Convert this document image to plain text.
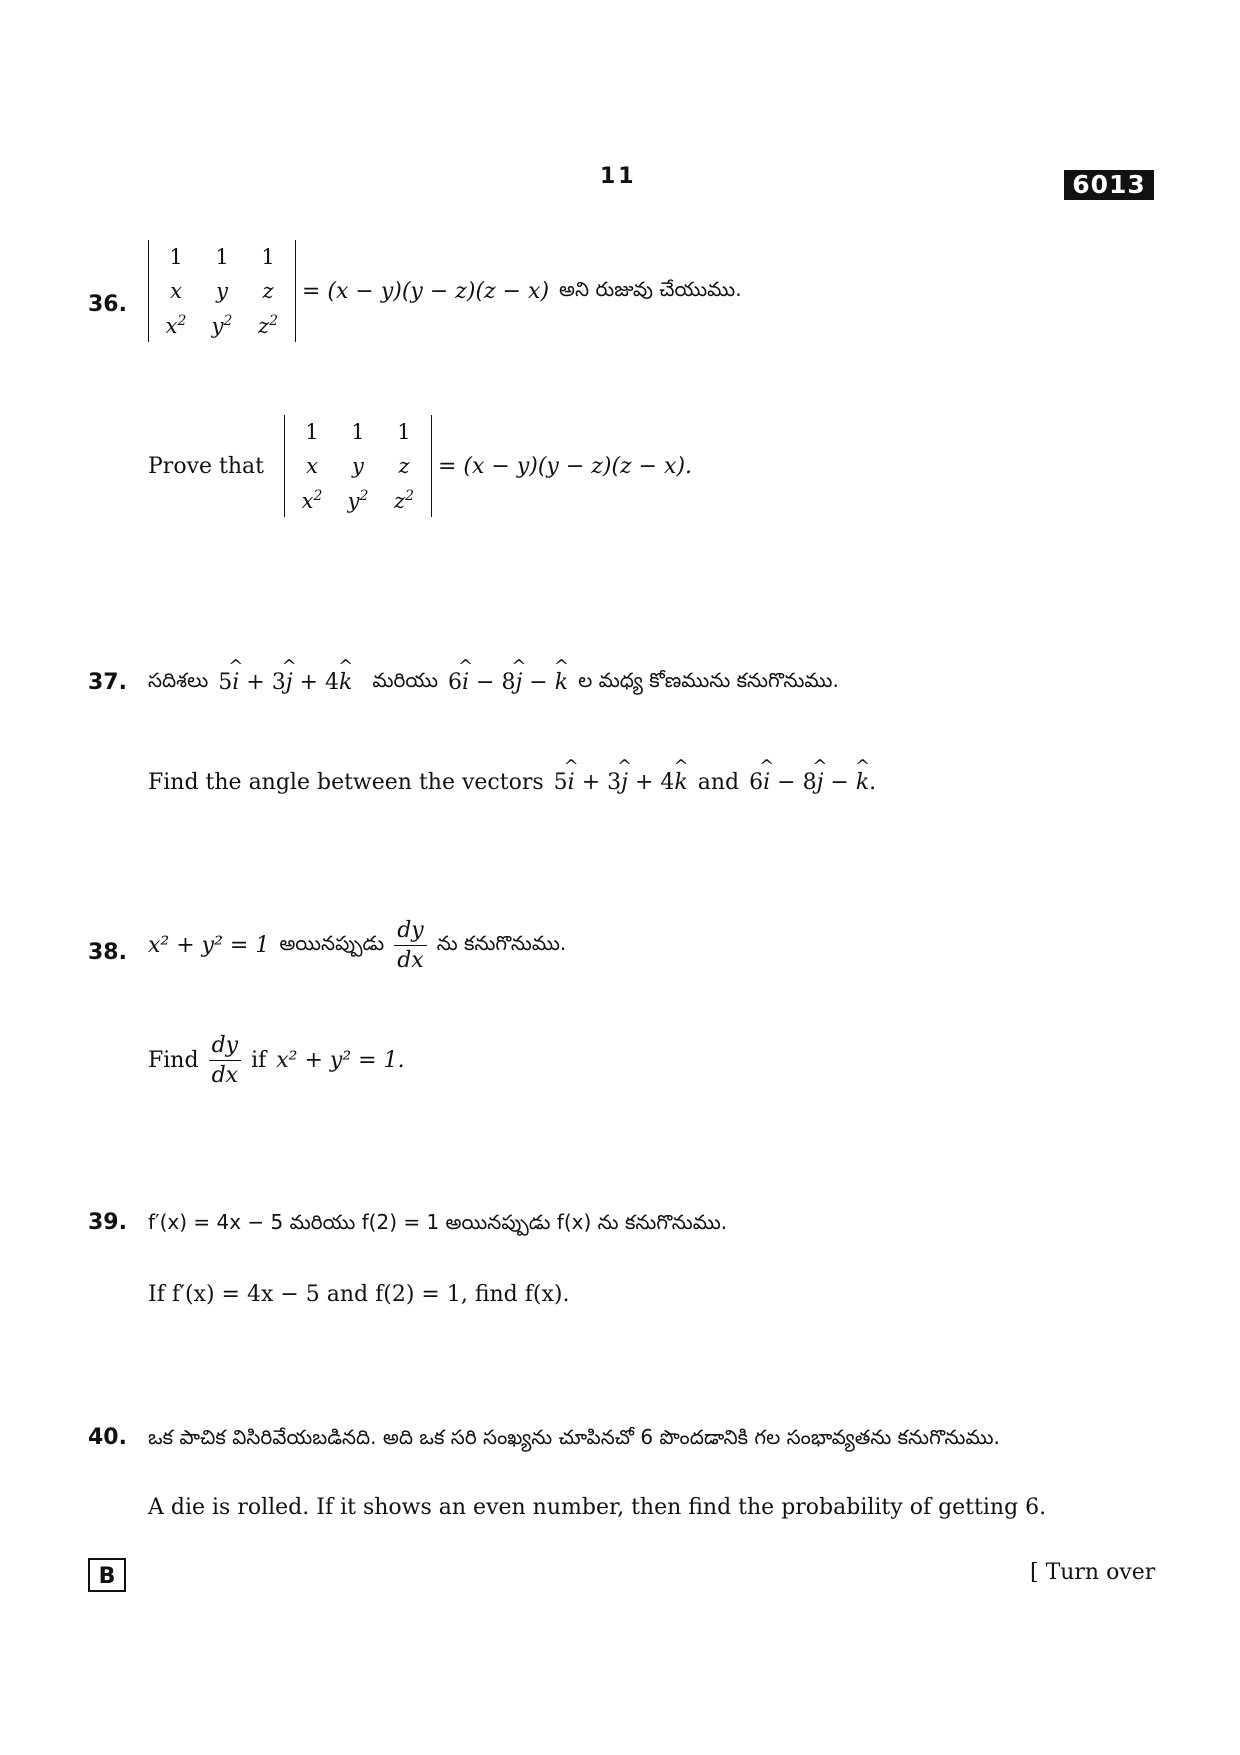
11	6013
36.
1	1	1
x	y	z
$x^2$	$y^2$	$z^2$
= (x − y)(y − z)(z − x) అని రుజువు చేయుము.
Prove that
1	1	1
x	y	z
$x^2$	$y^2$	$z^2$
= (x − y)(y − z)(z − x).
37. సదిశలు 5^ i + 3^ j + 4^ k మరియు 6^ i − 8^ j − ^ k ల మధ్య కోణమును కనుగొనుము.
Find the angle between the vectors 5^ i + 3^ j + 4^ k and 6^ i − 8^ j − ^ k.
38. x² + y² = 1 అయినప్పుడు $\frac{dy}{dx}$ ను కనుగొనుము.
Find $\frac{dy}{dx}$ if x² + y² = 1.
39. f′(x) = 4x − 5 మరియు f(2) = 1 అయినప్పుడు f(x) ను కనుగొనుము.
If f′(x) = 4x − 5 and f(2) = 1, find f(x).
40. ఒక పాచిక విసిరివేయబడినది. అది ఒక సరి సంఖ్యను చూపినచో 6 పొందడానికి గల సంభావ్యతను కనుగొనుము.
A die is rolled. If it shows an even number, then find the probability of getting 6.
B	[ Turn over
